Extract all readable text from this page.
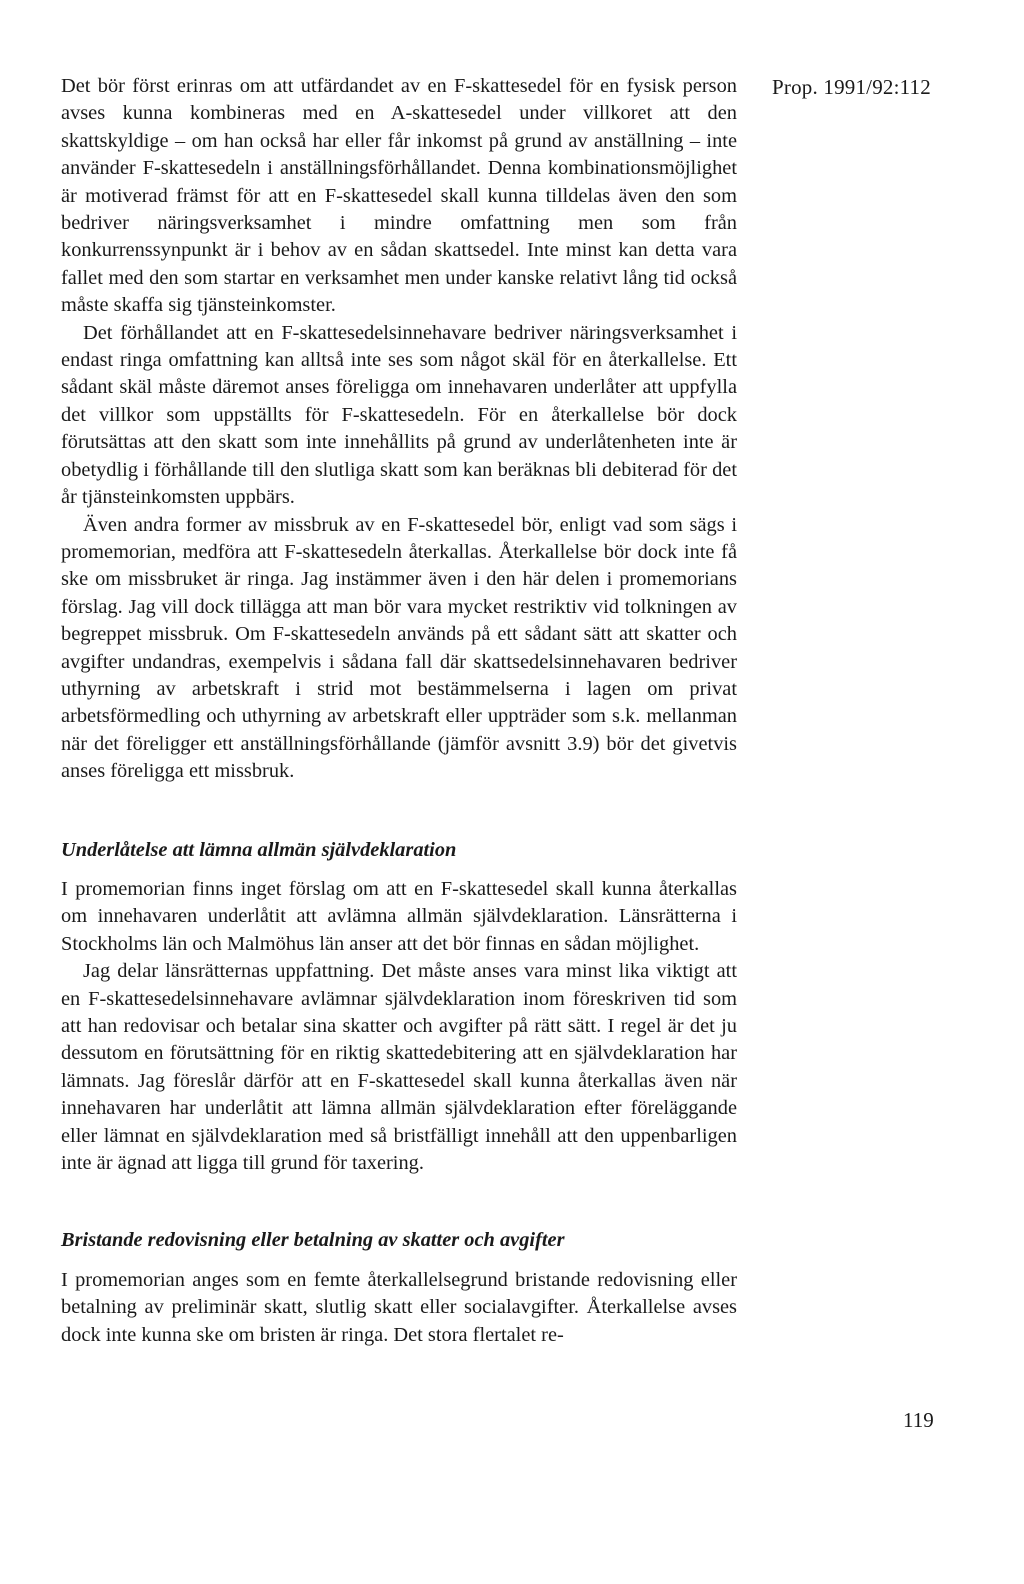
Prop. 1991/92:112

Det bör först erinras om att utfärdandet av en F-skattesedel för en fysisk person avses kunna kombineras med en A-skattesedel under villkoret att den skattskyldige – om han också har eller får inkomst på grund av anställning – inte använder F-skattesedeln i anställningsförhållandet. Denna kombinationsmöjlighet är motiverad främst för att en F-skattesedel skall kunna tilldelas även den som bedriver näringsverksamhet i mindre omfattning men som från konkurrenssynpunkt är i behov av en sådan skattsedel. Inte minst kan detta vara fallet med den som startar en verksamhet men under kanske relativt lång tid också måste skaffa sig tjänsteinkomster.

Det förhållandet att en F-skattesedelsinnehavare bedriver näringsverksamhet i endast ringa omfattning kan alltså inte ses som något skäl för en återkallelse. Ett sådant skäl måste däremot anses föreligga om innehavaren underlåter att uppfylla det villkor som uppställts för F-skattesedeln. För en återkallelse bör dock förutsättas att den skatt som inte innehållits på grund av underlåtenheten inte är obetydlig i förhållande till den slutliga skatt som kan beräknas bli debiterad för det år tjänsteinkomsten uppbärs.

Även andra former av missbruk av en F-skattesedel bör, enligt vad som sägs i promemorian, medföra att F-skattesedeln återkallas. Återkallelse bör dock inte få ske om missbruket är ringa. Jag instämmer även i den här delen i promemorians förslag. Jag vill dock tillägga att man bör vara mycket restriktiv vid tolkningen av begreppet missbruk. Om F-skattesedeln används på ett sådant sätt att skatter och avgifter undandras, exempelvis i sådana fall där skattsedelsinnehavaren bedriver uthyrning av arbetskraft i strid mot bestämmelserna i lagen om privat arbetsförmedling och uthyrning av arbetskraft eller uppträder som s.k. mellanman när det föreligger ett anställningsförhållande (jämför avsnitt 3.9) bör det givetvis anses föreligga ett missbruk.

Underlåtelse att lämna allmän självdeklaration

I promemorian finns inget förslag om att en F-skattesedel skall kunna återkallas om innehavaren underlåtit att avlämna allmän självdeklaration. Länsrätterna i Stockholms län och Malmöhus län anser att det bör finnas en sådan möjlighet.

Jag delar länsrätternas uppfattning. Det måste anses vara minst lika viktigt att en F-skattesedelsinnehavare avlämnar självdeklaration inom föreskriven tid som att han redovisar och betalar sina skatter och avgifter på rätt sätt. I regel är det ju dessutom en förutsättning för en riktig skattedebitering att en självdeklaration har lämnats. Jag föreslår därför att en F-skattesedel skall kunna återkallas även när innehavaren har underlåtit att lämna allmän självdeklaration efter föreläggande eller lämnat en självdeklaration med så bristfälligt innehåll att den uppenbarligen inte är ägnad att ligga till grund för taxering.

Bristande redovisning eller betalning av skatter och avgifter

I promemorian anges som en femte återkallelsegrund bristande redovisning eller betalning av preliminär skatt, slutlig skatt eller socialavgifter. Återkallelse avses dock inte kunna ske om bristen är ringa. Det stora flertalet re-

119
